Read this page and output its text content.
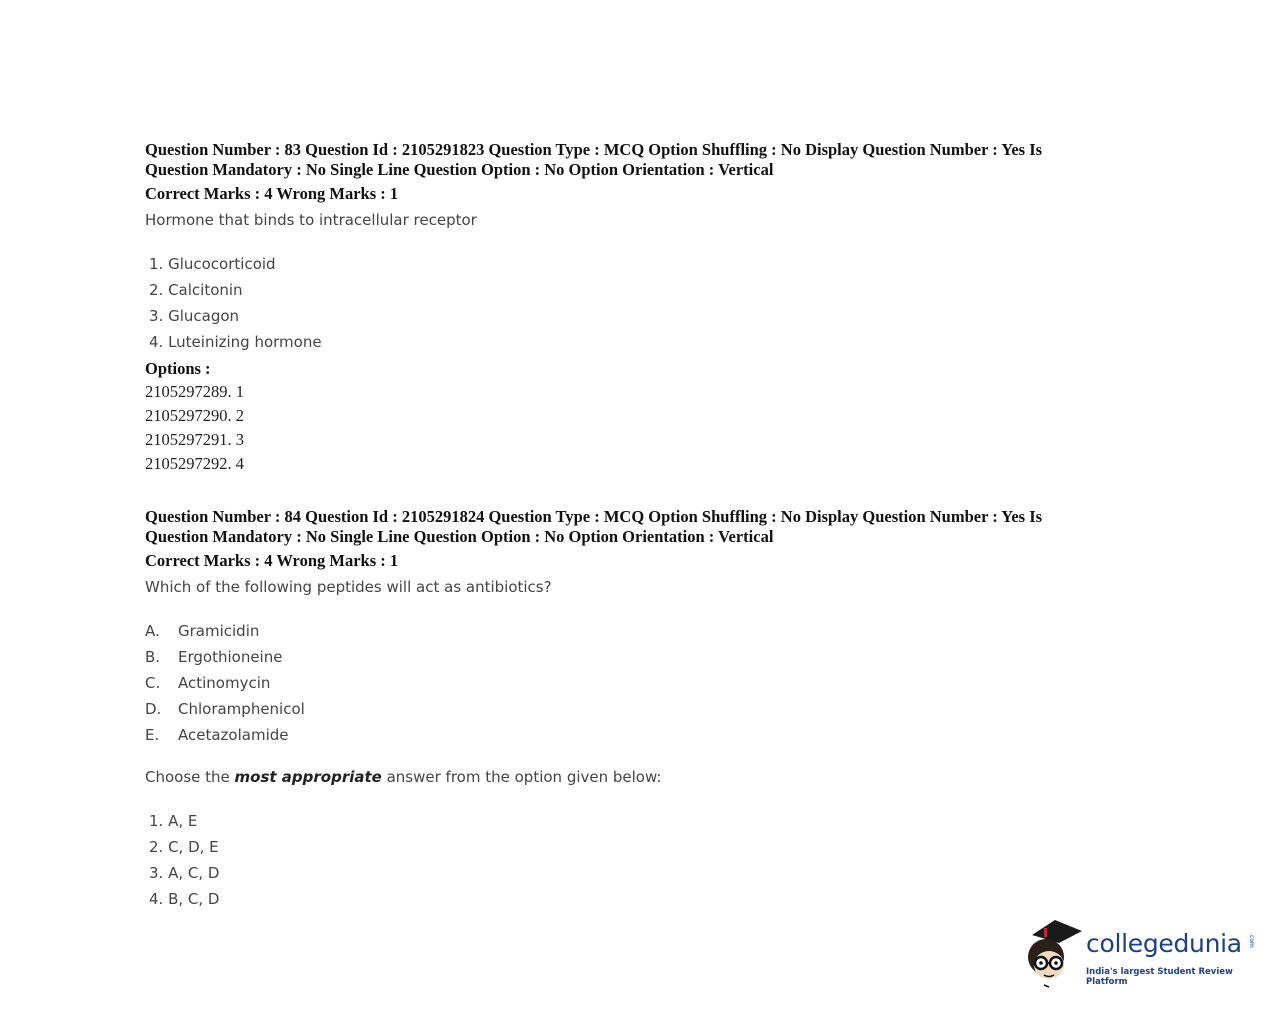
Question Number : 83 Question Id : 2105291823 Question Type : MCQ Option Shuffling : No Display Question Number : Yes Is Question Mandatory : No Single Line Question Option : No Option Orientation : Vertical
Correct Marks : 4 Wrong Marks : 1
Hormone that binds to intracellular receptor
1. Glucocorticoid
2. Calcitonin
3. Glucagon
4. Luteinizing hormone
Options :
2105297289. 1
2105297290. 2
2105297291. 3
2105297292. 4
Question Number : 84 Question Id : 2105291824 Question Type : MCQ Option Shuffling : No Display Question Number : Yes Is Question Mandatory : No Single Line Question Option : No Option Orientation : Vertical
Correct Marks : 4 Wrong Marks : 1
Which of the following peptides will act as antibiotics?
A.	Gramicidin
B.	Ergothioneine
C.	Actinomycin
D.	Chloramphenicol
E.	Acetazolamide
Choose the most appropriate answer from the option given below:
1. A, E
2. C, D, E
3. A, C, D
4. B, C, D
collegedunia .com
India's largest Student Review Platform
